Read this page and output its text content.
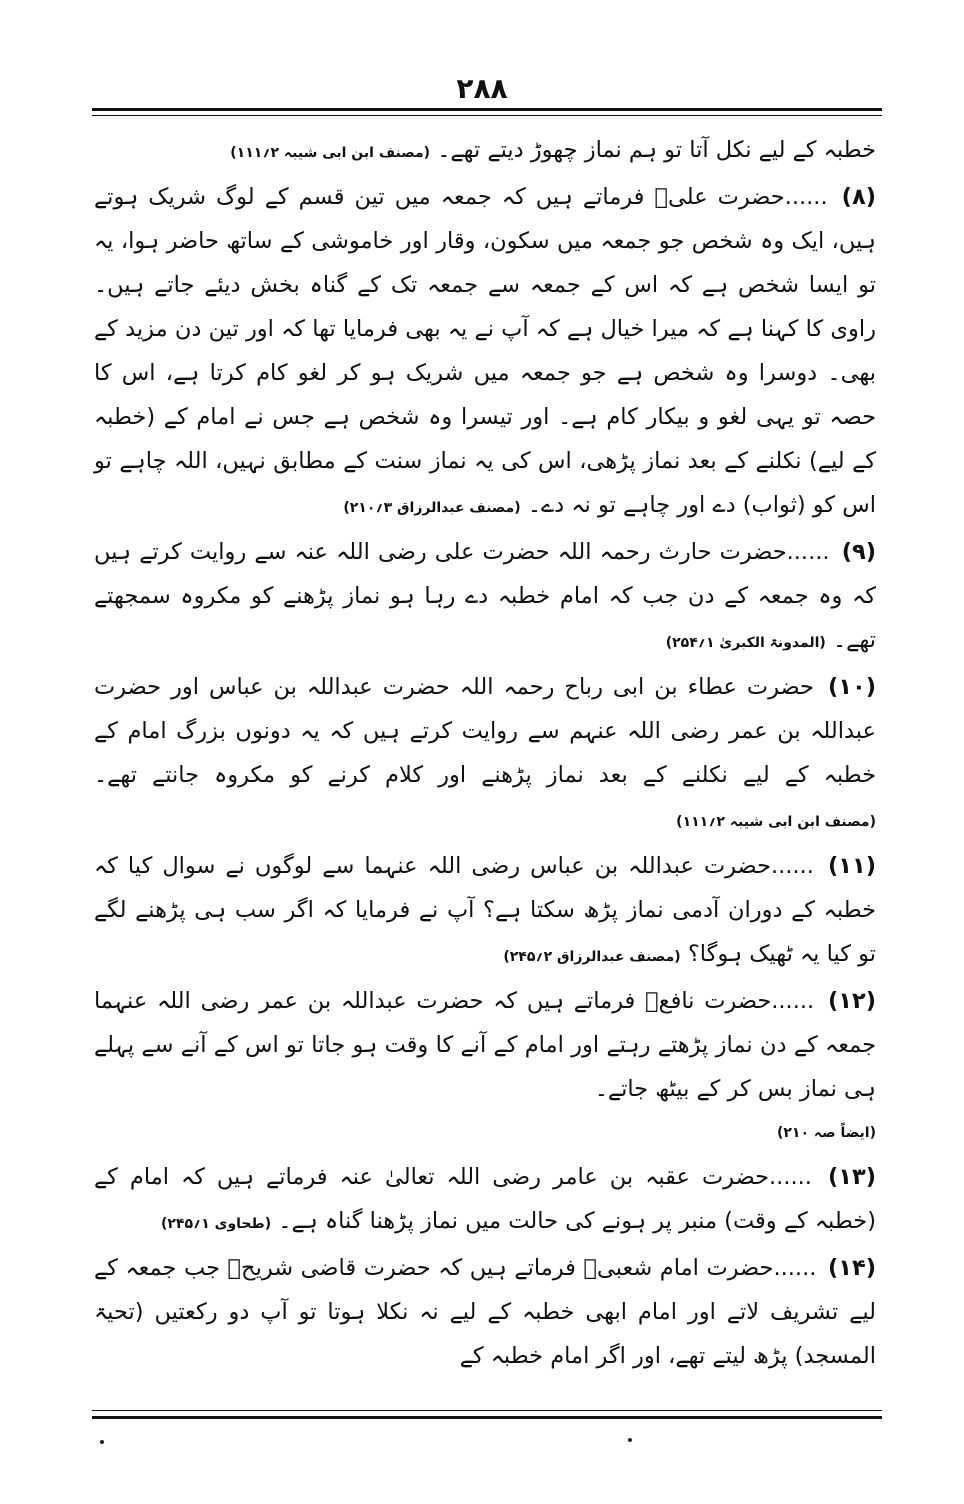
۲۸۸

خطبہ کے لیے نکل آتا تو ہم نماز چھوڑ دیتے تھے۔ (مصنف ابن ابی شیبہ ۲؍۱۱۱)

(۸) ......حضرت علیؓ فرماتے ہیں کہ جمعہ میں تین قسم کے لوگ شریک ہوتے ہیں، ایک وہ شخص جو جمعہ میں سکون، وقار اور خاموشی کے ساتھ حاضر ہوا، یہ تو ایسا شخص ہے کہ اس کے جمعہ سے جمعہ تک کے گناہ بخش دیئے جاتے ہیں۔ راوی کا کہنا ہے کہ میرا خیال ہے کہ آپ نے یہ بھی فرمایا تھا کہ اور تین دن مزید کے بھی۔ دوسرا وہ شخص ہے جو جمعہ میں شریک ہو کر لغو کام کرتا ہے، اس کا حصہ تو یہی لغو و بیکار کام ہے۔ اور تیسرا وہ شخص ہے جس نے امام کے (خطبہ کے لیے) نکلنے کے بعد نماز پڑھی، اس کی یہ نماز سنت کے مطابق نہیں، اللہ چاہے تو اس کو (ثواب) دے اور چاہے تو نہ دے۔ (مصنف عبدالرزاق ۳؍۲۱۰)

(۹) ......حضرت حارث رحمہ اللہ حضرت علی رضی اللہ عنہ سے روایت کرتے ہیں کہ وہ جمعہ کے دن جب کہ امام خطبہ دے رہا ہو نماز پڑھنے کو مکروہ سمجھتے تھے۔ (المدونۃ الکبریٰ ۱؍۲۵۴)

(۱۰) حضرت عطاء بن ابی رباح رحمہ اللہ حضرت عبداللہ بن عباس اور حضرت عبداللہ بن عمر رضی اللہ عنہم سے روایت کرتے ہیں کہ یہ دونوں بزرگ امام کے خطبہ کے لیے نکلنے کے بعد نماز پڑھنے اور کلام کرنے کو مکروہ جانتے تھے۔ (مصنف ابن ابی شیبہ ۲؍۱۱۱)

(۱۱) ......حضرت عبداللہ بن عباس رضی اللہ عنہما سے لوگوں نے سوال کیا کہ خطبہ کے دوران آدمی نماز پڑھ سکتا ہے؟ آپ نے فرمایا کہ اگر سب ہی پڑھنے لگے تو کیا یہ ٹھیک ہوگا؟ (مصنف عبدالرزاق ۲؍۲۴۵)

(۱۲) ......حضرت نافعؒ فرماتے ہیں کہ حضرت عبداللہ بن عمر رضی اللہ عنہما جمعہ کے دن نماز پڑھتے رہتے اور امام کے آنے کا وقت ہو جاتا تو اس کے آنے سے پہلے ہی نماز بس کر کے بیٹھ جاتے۔
(ایضاً صہ ۲۱۰)

(۱۳) ......حضرت عقبہ بن عامر رضی اللہ تعالیٰ عنہ فرماتے ہیں کہ امام کے (خطبہ کے وقت) منبر پر ہونے کی حالت میں نماز پڑھنا گناہ ہے۔ (طحاوی ۱؍۲۴۵)

(۱۴) ......حضرت امام شعبیؒ فرماتے ہیں کہ حضرت قاضی شریحؒ جب جمعہ کے لیے تشریف لاتے اور امام ابھی خطبہ کے لیے نہ نکلا ہوتا تو آپ دو رکعتیں (تحیۃ المسجد) پڑھ لیتے تھے، اور اگر امام خطبہ کے
